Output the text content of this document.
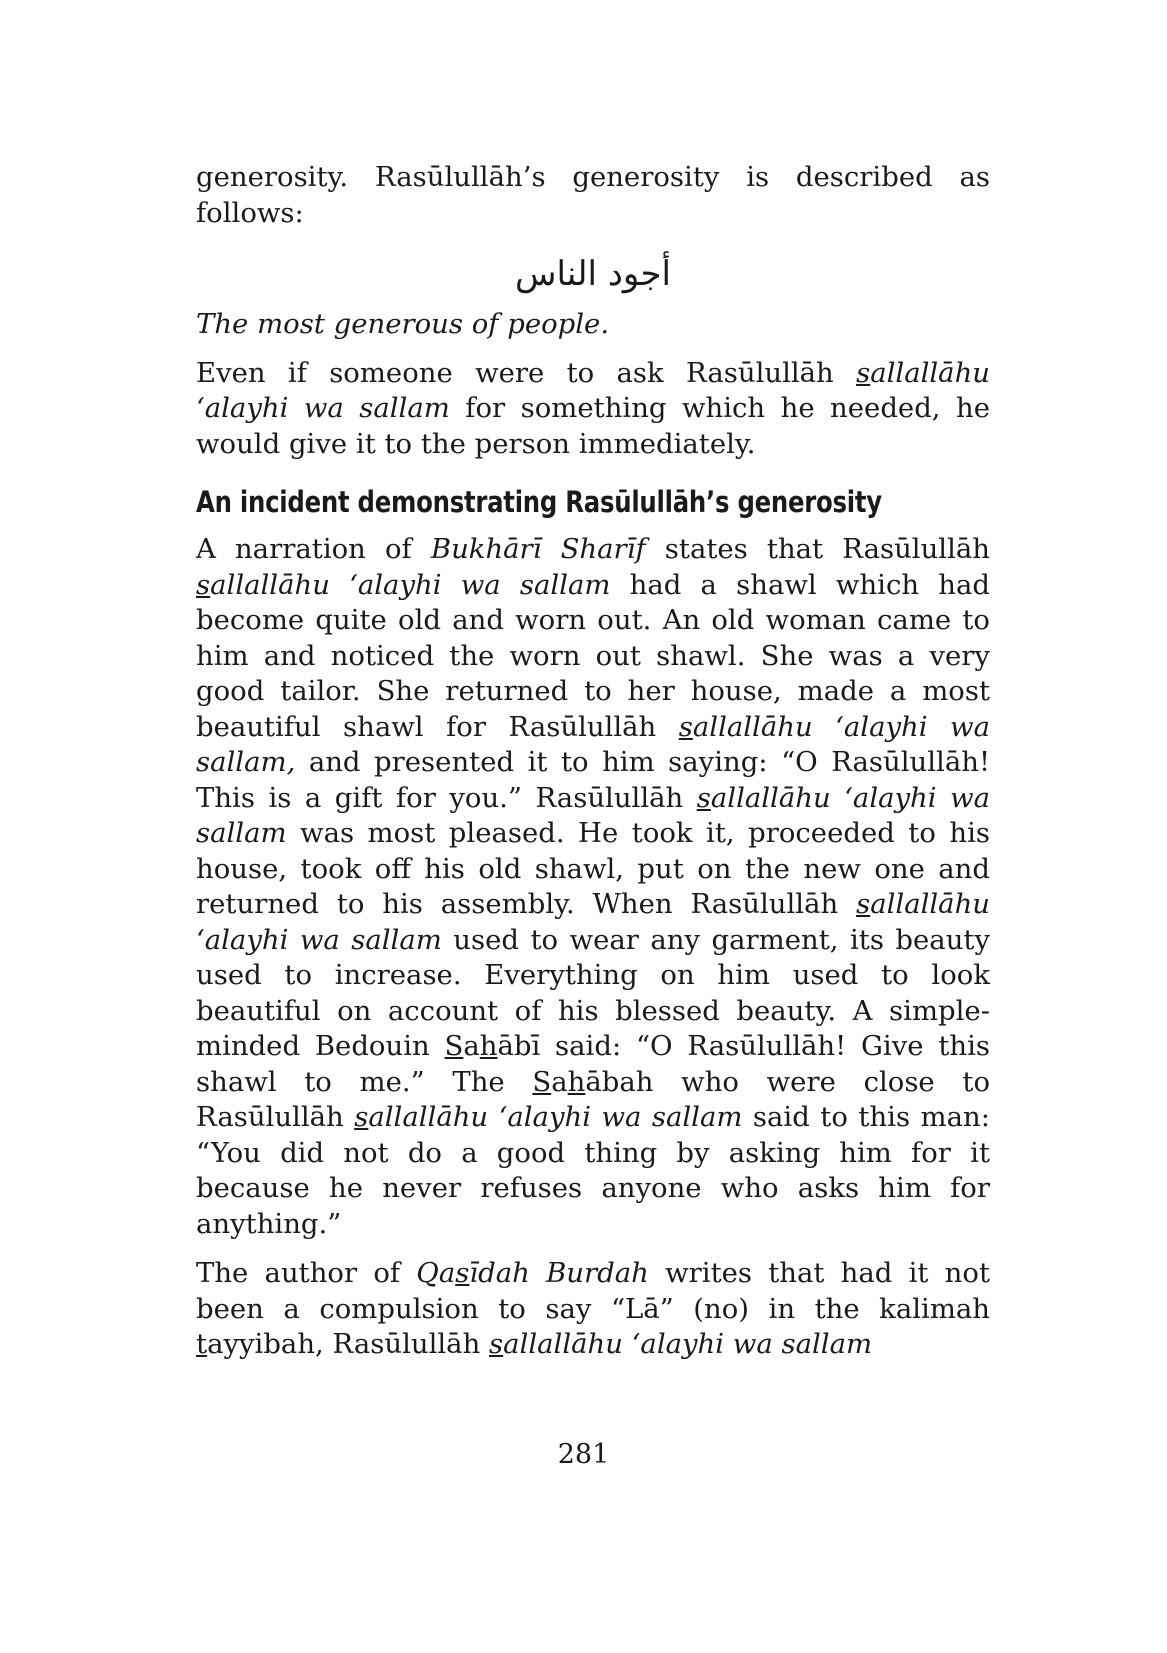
generosity. Rasūlullāh’s generosity is described as follows:

أجود الناس

The most generous of people.

Even if someone were to ask Rasūlullāh sallallāhu ‘alayhi wa sallam for something which he needed, he would give it to the person immediately.

An incident demonstrating Rasūlullāh’s generosity

A narration of Bukhārī Sharīf states that Rasūlullāh sallallāhu ‘alayhi wa sallam had a shawl which had become quite old and worn out. An old woman came to him and noticed the worn out shawl. She was a very good tailor. She returned to her house, made a most beautiful shawl for Rasūlullāh sallallāhu ‘alayhi wa sallam, and presented it to him saying: “O Rasūlullāh! This is a gift for you.” Rasūlullāh sallallāhu ‘alayhi wa sallam was most pleased. He took it, proceeded to his house, took off his old shawl, put on the new one and returned to his assembly. When Rasūlullāh sallallāhu ‘alayhi wa sallam used to wear any garment, its beauty used to increase. Everything on him used to look beautiful on account of his blessed beauty. A simple-minded Bedouin Sahābī said: “O Rasūlullāh! Give this shawl to me.” The Sahābah who were close to Rasūlullāh sallallāhu ‘alayhi wa sallam said to this man: “You did not do a good thing by asking him for it because he never refuses anyone who asks him for anything.”

The author of Qasīdah Burdah writes that had it not been a compulsion to say “Lā” (no) in the kalimah tayyibah, Rasūlullāh sallallāhu ‘alayhi wa sallam

281
